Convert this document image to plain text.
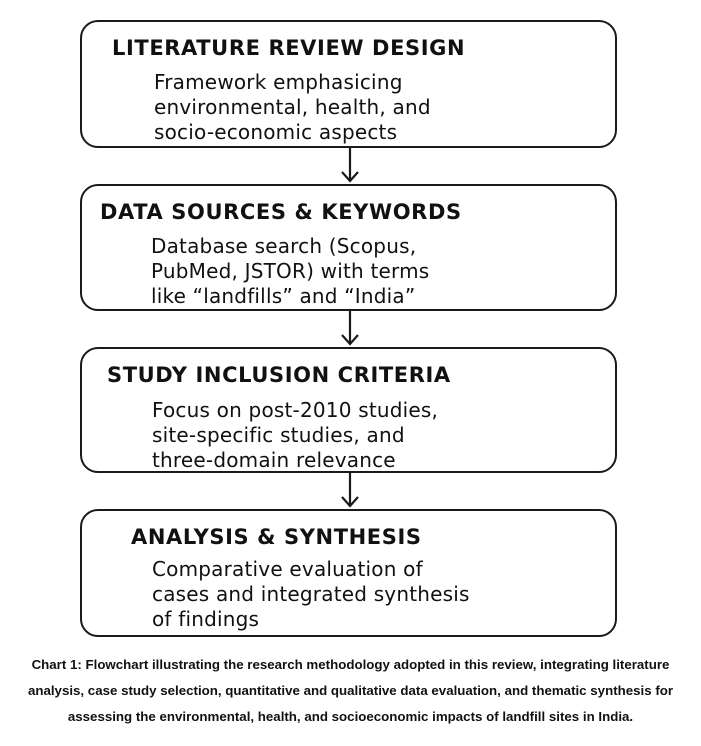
LITERATURE REVIEW DESIGN
Framework emphasicing
environmental, health, and
socio-economic aspects
DATA SOURCES & KEYWORDS
Database search (Scopus,
PubMed, JSTOR) with terms
like “landfills” and “India”
STUDY INCLUSION CRITERIA
Focus on post-2010 studies,
site-specific studies, and
three-domain relevance
ANALYSIS & SYNTHESIS
Comparative evaluation of
cases and integrated synthesis
of findings
Chart 1: Flowchart illustrating the research methodology adopted in this review, integrating literature analysis, case study selection, quantitative and qualitative data evaluation, and thematic synthesis for assessing the environmental, health, and socioeconomic impacts of landfill sites in India.
